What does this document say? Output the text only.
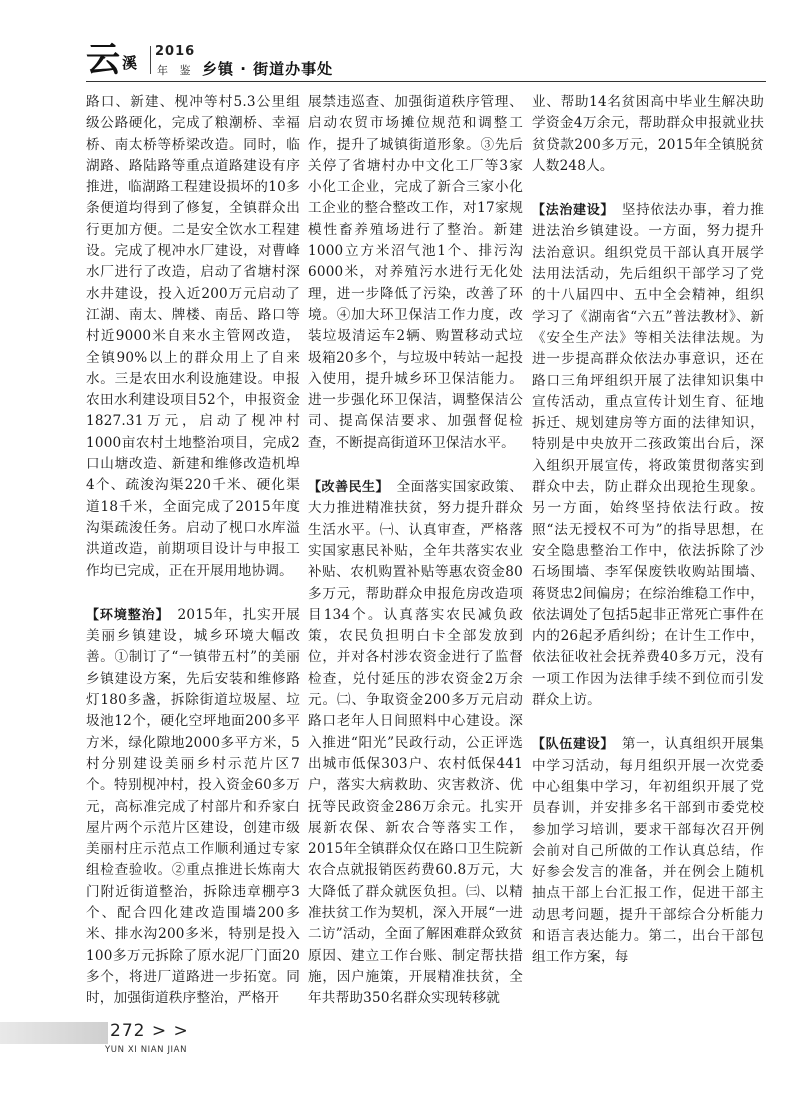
云 溪
2016
年 鉴 乡镇 · 街道办事处

路口、新建、枧冲等村5.3公里组级公路硬化，完成了粮潮桥、幸福桥、南太桥等桥梁改造。同时，临湖路、路陆路等重点道路建设有序推进，临湖路工程建设损坏的10多条便道均得到了修复，全镇群众出行更加方便。二是安全饮水工程建设。完成了枧冲水厂建设，对曹峰水厂进行了改造，启动了省塘村深水井建设，投入近200万元启动了江湖、南太、牌楼、南岳、路口等村近9000米自来水主管网改造，全镇90%以上的群众用上了自来水。三是农田水利设施建设。申报农田水利建设项目52个，申报资金1827.31万元，启动了枧冲村1000亩农村土地整治项目，完成2口山塘改造、新建和维修改造机埠4个、疏浚沟渠220千米、硬化渠道18千米，全面完成了2015年度沟渠疏浚任务。启动了枧口水库溢洪道改造，前期项目设计与申报工作均已完成，正在开展用地协调。

【环境整治】　 2015年，扎实开展美丽乡镇建设，城乡环境大幅改善。①制订了“一镇带五村”的美丽乡镇建设方案，先后安装和维修路灯180多盏，拆除街道垃圾屋、垃圾池12个，硬化空坪地面200多平方米，绿化隙地2000多平方米，5村分别建设美丽乡村示范片区7个。特别枧冲村，投入资金60多万元，高标准完成了村部片和乔家白屋片两个示范片区建设，创建市级美丽村庄示范点工作顺利通过专家组检查验收。②重点推进长炼南大门附近街道整治，拆除违章棚亭3个、配合四化建改造围墙200多米、排水沟200多米，特别是投入100多万元拆除了原水泥厂门面20多个，将进厂道路进一步拓宽。同时，加强街道秩序整治，严格开

展禁违巡查、加强街道秩序管理、启动农贸市场摊位规范和调整工作，提升了城镇街道形象。③先后关停了省塘村办中文化工厂等3家小化工企业，完成了新合三家小化工企业的整合整改工作，对17家规模性畜养殖场进行了整治。新建1000立方米沼气池1个、排污沟6000米，对养殖污水进行无化处理，进一步降低了污染，改善了环境。④加大环卫保洁工作力度，改装垃圾清运车2辆、购置移动式垃圾箱20多个，与垃圾中转站一起投入使用，提升城乡环卫保洁能力。进一步强化环卫保洁，调整保洁公司、提高保洁要求、加强督促检查，不断提高街道环卫保洁水平。

【改善民生】　 全面落实国家政策、大力推进精准扶贫，努力提升群众生活水平。㈠、认真审查，严格落实国家惠民补贴，全年共落实农业补贴、农机购置补贴等惠农资金80多万元，帮助群众申报危房改造项目134个。认真落实农民减负政策，农民负担明白卡全部发放到位，并对各村涉农资金进行了监督检查，兑付延压的涉农资金2万余元。㈡、争取资金200多万元启动路口老年人日间照料中心建设。深入推进“阳光”民政行动，公正评选出城市低保303户、农村低保441户，落实大病救助、灾害救济、优抚等民政资金286万余元。扎实开展新农保、新农合等落实工作，2015年全镇群众仅在路口卫生院新农合点就报销医药费60.8万元，大大降低了群众就医负担。㈢、以精准扶贫工作为契机，深入开展“一进二访”活动，全面了解困难群众致贫原因、建立工作台账、制定帮扶措施，因户施策，开展精准扶贫，全年共帮助350名群众实现转移就

业、帮助14名贫困高中毕业生解决助学资金4万余元，帮助群众申报就业扶贫贷款200多万元，2015年全镇脱贫人数248人。

【法治建设】　 坚持依法办事，着力推进法治乡镇建设。一方面，努力提升法治意识。组织党员干部认真开展学法用法活动，先后组织干部学习了党的十八届四中、五中全会精神，组织学习了《湖南省“六五”普法教材》、新《安全生产法》等相关法律法规。为进一步提高群众依法办事意识，还在路口三角坪组织开展了法律知识集中宣传活动，重点宣传计划生育、征地拆迁、规划建房等方面的法律知识，特别是中央放开二孩政策出台后，深入组织开展宣传，将政策贯彻落实到群众中去，防止群众出现抢生现象。另一方面，始终坚持依法行政。按照“法无授权不可为”的指导思想，在安全隐患整治工作中，依法拆除了沙石场围墙、李军保废铁收购站围墙、蒋贤忠2间偏房；在综治维稳工作中，依法调处了包括5起非正常死亡事件在内的26起矛盾纠纷；在计生工作中，依法征收社会抚养费40多万元，没有一项工作因为法律手续不到位而引发群众上访。

【队伍建设】　 第一，认真组织开展集中学习活动，每月组织开展一次党委中心组集中学习，年初组织开展了党员春训，并安排多名干部到市委党校参加学习培训，要求干部每次召开例会前对自己所做的工作认真总结，作好参会发言的准备，并在例会上随机抽点干部上台汇报工作，促进干部主动思考问题，提升干部综合分析能力和语言表达能力。第二，出台干部包组工作方案，每

272 > >
YUN XI NIAN JIAN
